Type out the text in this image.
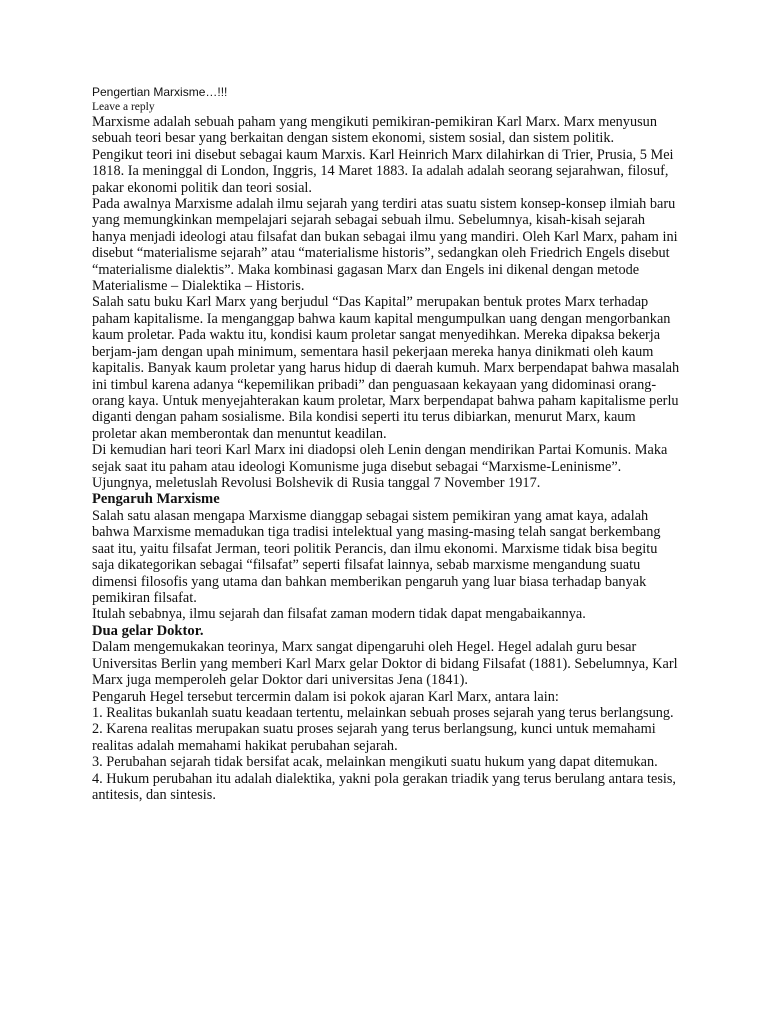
Pengertian Marxisme…!!!
Leave a reply

Marxisme adalah sebuah paham yang mengikuti pemikiran-pemikiran Karl Marx. Marx menyusun sebuah teori besar yang berkaitan dengan sistem ekonomi, sistem sosial, dan sistem politik.

Pengikut teori ini disebut sebagai kaum Marxis. Karl Heinrich Marx dilahirkan di Trier, Prusia, 5 Mei 1818. Ia meninggal di London, Inggris, 14 Maret 1883. Ia adalah adalah seorang sejarahwan, filosuf, pakar ekonomi politik dan teori sosial.

Pada awalnya Marxisme adalah ilmu sejarah yang terdiri atas suatu sistem konsep-konsep ilmiah baru yang memungkinkan mempelajari sejarah sebagai sebuah ilmu. Sebelumnya, kisah-kisah sejarah hanya menjadi ideologi atau filsafat dan bukan sebagai ilmu yang mandiri. Oleh Karl Marx, paham ini disebut “materialisme sejarah” atau “materialisme historis”, sedangkan oleh Friedrich Engels disebut “materialisme dialektis”. Maka kombinasi gagasan Marx dan Engels ini dikenal dengan metode Materialisme – Dialektika – Historis.

Salah satu buku Karl Marx yang berjudul “Das Kapital” merupakan bentuk protes Marx terhadap paham kapitalisme. Ia menganggap bahwa kaum kapital mengumpulkan uang dengan mengorbankan kaum proletar. Pada waktu itu, kondisi kaum proletar sangat menyedihkan. Mereka dipaksa bekerja berjam-jam dengan upah minimum, sementara hasil pekerjaan mereka hanya dinikmati oleh kaum kapitalis. Banyak kaum proletar yang harus hidup di daerah kumuh. Marx berpendapat bahwa masalah ini timbul karena adanya “kepemilikan pribadi” dan penguasaan kekayaan yang didominasi orang-orang kaya. Untuk menyejahterakan kaum proletar, Marx berpendapat bahwa paham kapitalisme perlu diganti dengan paham sosialisme. Bila kondisi seperti itu terus dibiarkan, menurut Marx, kaum proletar akan memberontak dan menuntut keadilan.

Di kemudian hari teori Karl Marx ini diadopsi oleh Lenin dengan mendirikan Partai Komunis. Maka sejak saat itu paham atau ideologi Komunisme juga disebut sebagai “Marxisme-Leninisme”. Ujungnya, meletuslah Revolusi Bolshevik di Rusia tanggal 7 November 1917.

Pengaruh Marxisme

Salah satu alasan mengapa Marxisme dianggap sebagai sistem pemikiran yang amat kaya, adalah bahwa Marxisme memadukan tiga tradisi intelektual yang masing-masing telah sangat berkembang saat itu, yaitu filsafat Jerman, teori politik Perancis, dan ilmu ekonomi. Marxisme tidak bisa begitu saja dikategorikan sebagai “filsafat” seperti filsafat lainnya, sebab marxisme mengandung suatu dimensi filosofis yang utama dan bahkan memberikan pengaruh yang luar biasa terhadap banyak pemikiran filsafat.

Itulah sebabnya, ilmu sejarah dan filsafat zaman modern tidak dapat mengabaikannya.

Dua gelar Doktor.

Dalam mengemukakan teorinya, Marx sangat dipengaruhi oleh Hegel. Hegel adalah guru besar Universitas Berlin yang memberi Karl Marx gelar Doktor di bidang Filsafat (1881). Sebelumnya, Karl Marx juga memperoleh gelar Doktor dari universitas Jena (1841).

Pengaruh Hegel tersebut tercermin dalam isi pokok ajaran Karl Marx, antara lain:

1. Realitas bukanlah suatu keadaan tertentu, melainkan sebuah proses sejarah yang terus berlangsung.
2. Karena realitas merupakan suatu proses sejarah yang terus berlangsung, kunci untuk memahami realitas adalah memahami hakikat perubahan sejarah.
3. Perubahan sejarah tidak bersifat acak, melainkan mengikuti suatu hukum yang dapat ditemukan.
4. Hukum perubahan itu adalah dialektika, yakni pola gerakan triadik yang terus berulang antara tesis, antitesis, dan sintesis.
